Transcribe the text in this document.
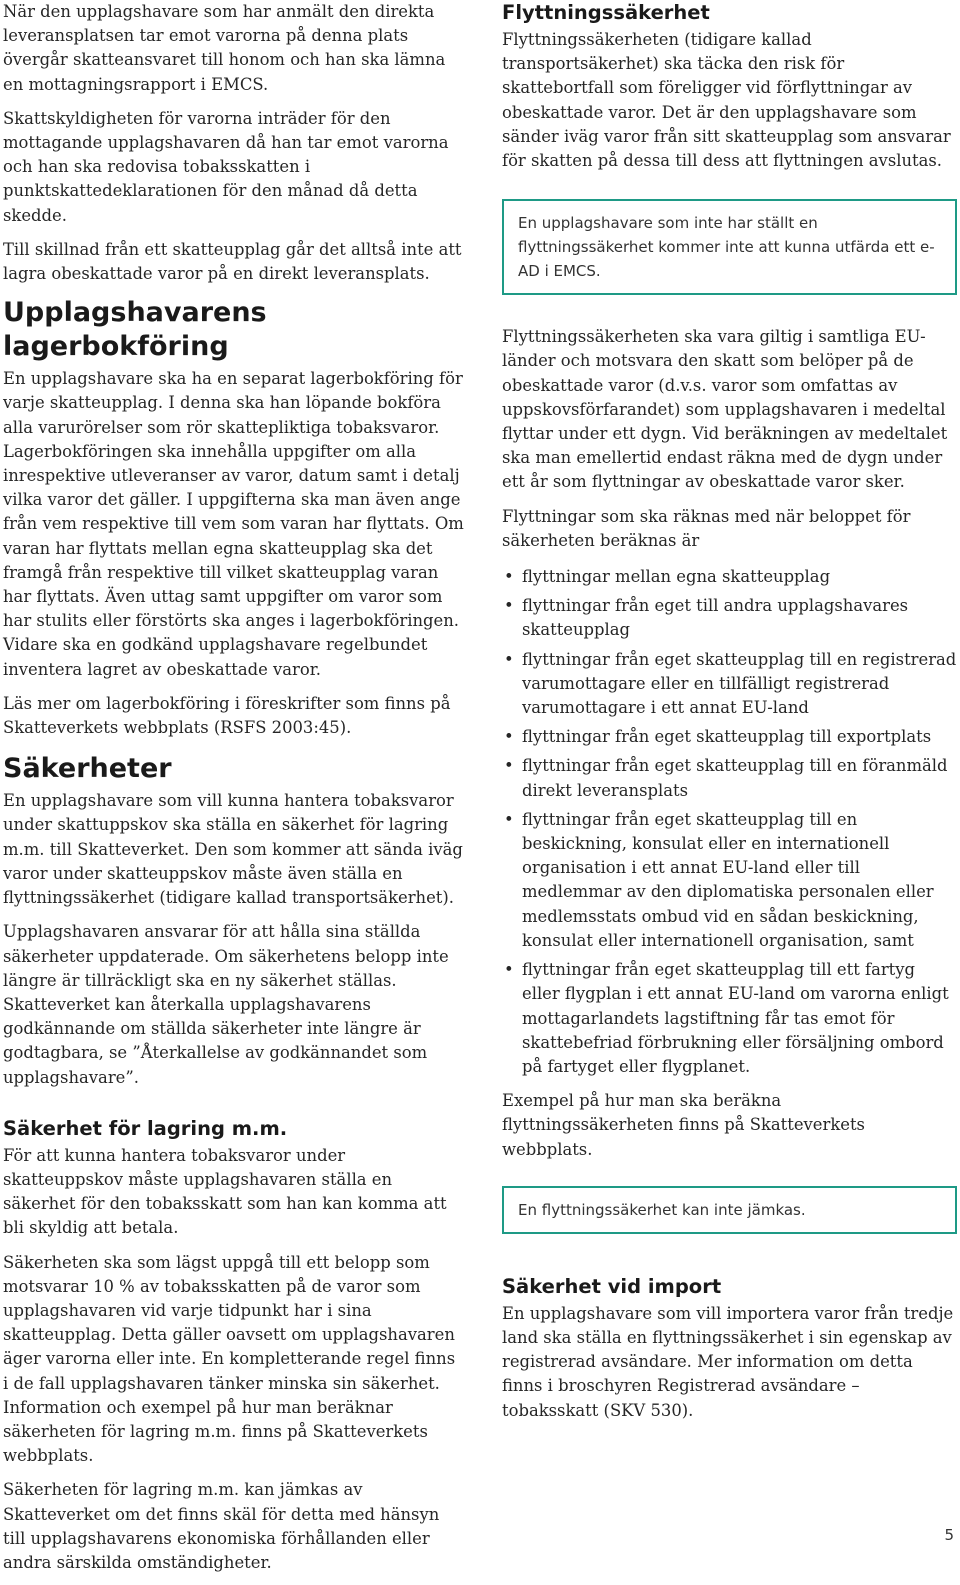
När den upplagshavare som har anmält den direkta leveransplatsen tar emot varorna på denna plats övergår skatteansvaret till honom och han ska lämna en mottagningsrapport i EMCS.

Skattskyldigheten för varorna inträder för den mottagande upplagshavaren då han tar emot varorna och han ska redovisa tobaksskatten i punktskattedeklarationen för den månad då detta skedde.

Till skillnad från ett skatteupplag går det alltså inte att lagra obeskattade varor på en direkt leveransplats.

Upplagshavarens lagerbokföring

En upplagshavare ska ha en separat lagerbokföring för varje skatteupplag. I denna ska han löpande bokföra alla varurörelser som rör skattepliktiga tobaksvaror. Lagerbokföringen ska innehålla uppgifter om alla inrespektive utleveranser av varor, datum samt i detalj vilka varor det gäller. I uppgifterna ska man även ange från vem respektive till vem som varan har flyttats. Om varan har flyttats mellan egna skatteupplag ska det framgå från respektive till vilket skatteupplag varan har flyttats. Även uttag samt uppgifter om varor som har stulits eller förstörts ska anges i lagerbokföringen. Vidare ska en godkänd upplagshavare regelbundet inventera lagret av obeskattade varor.

Läs mer om lagerbokföring i föreskrifter som finns på Skatteverkets webbplats (RSFS 2003:45).

Säkerheter

En upplagshavare som vill kunna hantera tobaksvaror under skattuppskov ska ställa en säkerhet för lagring m.m. till Skatteverket. Den som kommer att sända iväg varor under skatteuppskov måste även ställa en flyttningssäkerhet (tidigare kallad transportsäkerhet).

Upplagshavaren ansvarar för att hålla sina ställda säkerheter uppdaterade. Om säkerhetens belopp inte längre är tillräckligt ska en ny säkerhet ställas. Skatteverket kan återkalla upplagshavarens godkännande om ställda säkerheter inte längre är godtagbara, se ”Återkallelse av godkännandet som upplagshavare”.

Säkerhet för lagring m.m.

För att kunna hantera tobaksvaror under skatteuppskov måste upplagshavaren ställa en säkerhet för den tobaksskatt som han kan komma att bli skyldig att betala.

Säkerheten ska som lägst uppgå till ett belopp som motsvarar 10 % av tobaksskatten på de varor som upplagshavaren vid varje tidpunkt har i sina skatteupplag. Detta gäller oavsett om upplagshavaren äger varorna eller inte. En kompletterande regel finns i de fall upplagshavaren tänker minska sin säkerhet. Information och exempel på hur man beräknar säkerheten för lagring m.m. finns på Skatteverkets webbplats.

Säkerheten för lagring m.m. kan jämkas av Skatteverket om det finns skäl för detta med hänsyn till upplagshavarens ekonomiska förhållanden eller andra särskilda omständigheter.

Flyttningssäkerhet

Flyttningssäkerheten (tidigare kallad transportsäkerhet) ska täcka den risk för skattebortfall som föreligger vid förflyttningar av obeskattade varor. Det är den upplagshavare som sänder iväg varor från sitt skatteupplag som ansvarar för skatten på dessa till dess att flyttningen avslutas.

En upplagshavare som inte har ställt en flyttningssäkerhet kommer inte att kunna utfärda ett e-AD i EMCS.

Flyttningssäkerheten ska vara giltig i samtliga EU-länder och motsvara den skatt som belöper på de obeskattade varor (d.v.s. varor som omfattas av uppskovsförfarandet) som upplagshavaren i medeltal flyttar under ett dygn. Vid beräkningen av medeltalet ska man emellertid endast räkna med de dygn under ett år som flyttningar av obeskattade varor sker.

Flyttningar som ska räknas med när beloppet för säkerheten beräknas är

• flyttningar mellan egna skatteupplag
• flyttningar från eget till andra upplagshavares skatteupplag
• flyttningar från eget skatteupplag till en registrerad varumottagare eller en tillfälligt registrerad varumottagare i ett annat EU-land
• flyttningar från eget skatteupplag till exportplats
• flyttningar från eget skatteupplag till en föranmäld direkt leveransplats
• flyttningar från eget skatteupplag till en beskickning, konsulat eller en internationell organisation i ett annat EU-land eller till medlemmar av den diplomatiska personalen eller medlemsstats ombud vid en sådan beskickning, konsulat eller internationell organisation, samt
• flyttningar från eget skatteupplag till ett fartyg eller flygplan i ett annat EU-land om varorna enligt mottagarlandets lagstiftning får tas emot för skattebefriad förbrukning eller försäljning ombord på fartyget eller flygplanet.

Exempel på hur man ska beräkna flyttningssäkerheten finns på Skatteverkets webbplats.

En flyttningssäkerhet kan inte jämkas.
Säkerhet vid import

En upplagshavare som vill importera varor från tredje land ska ställa en flyttningssäkerhet i sin egenskap av registrerad avsändare. Mer information om detta finns i broschyren Registrerad avsändare – tobaksskatt (SKV 530).

5
